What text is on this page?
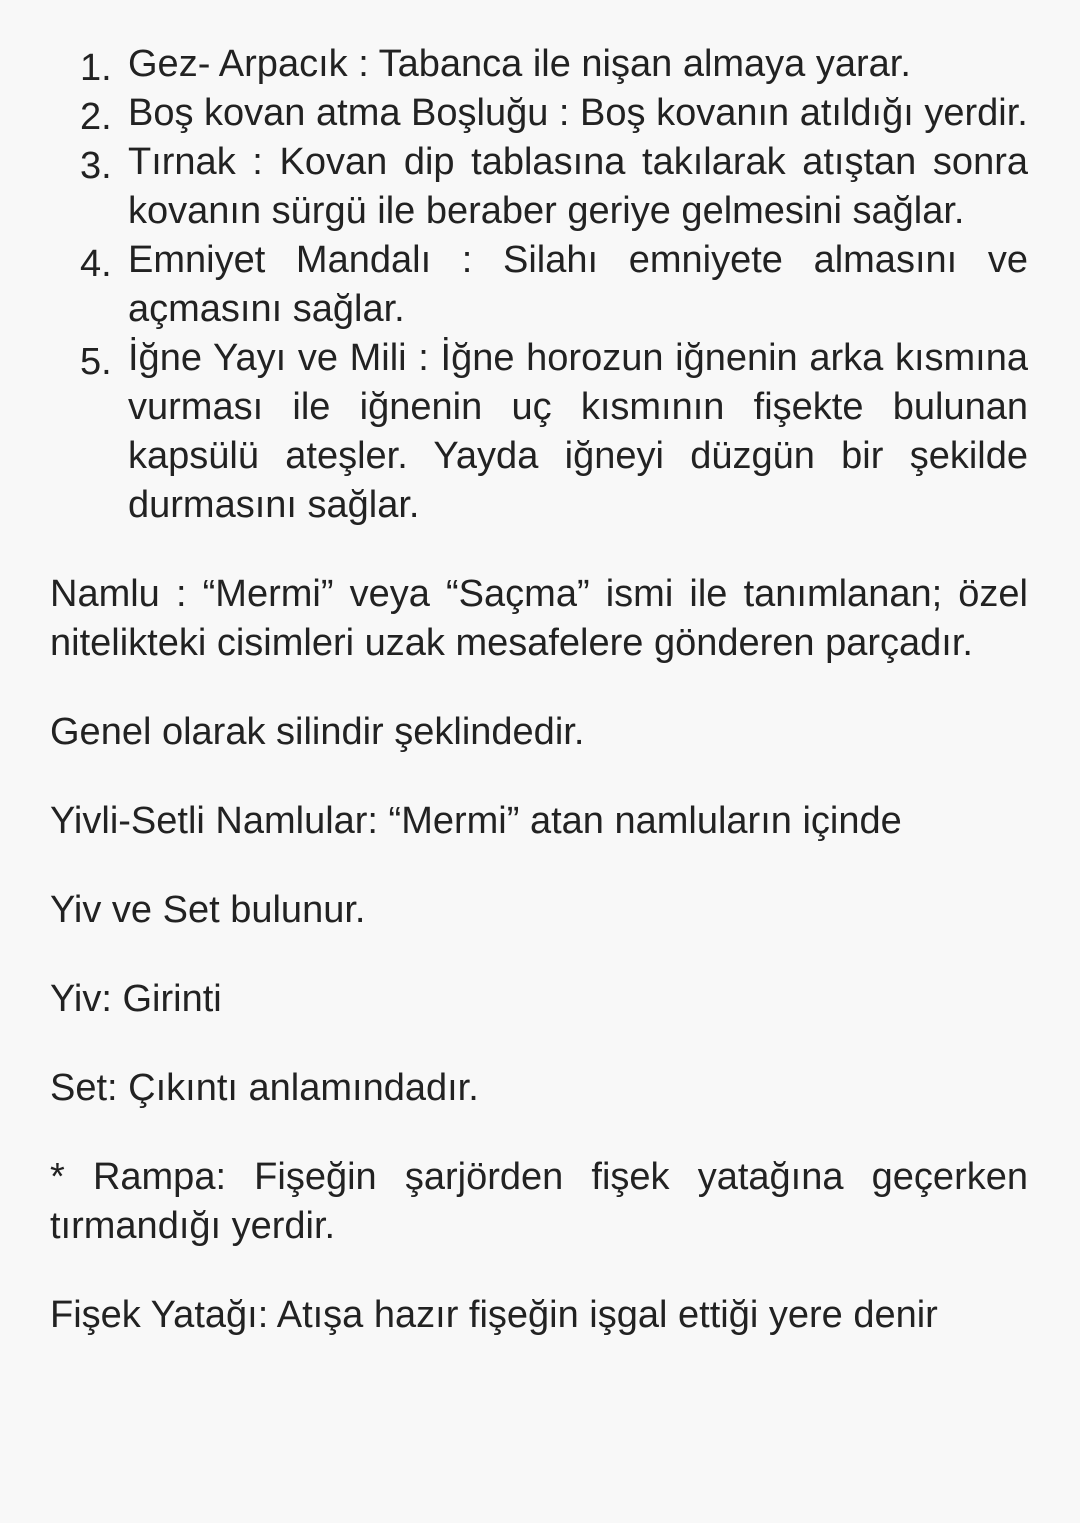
1. Gez- Arpacık : Tabanca ile nişan almaya yarar.
2. Boş kovan atma Boşluğu : Boş kovanın atıldığı yerdir.
3. Tırnak : Kovan dip tablasına takılarak atıştan sonra kovanın sürgü ile beraber geriye gelmesini sağlar.
4. Emniyet Mandalı : Silahı emniyete almasını ve açmasını sağlar.
5. İğne Yayı ve Mili : İğne horozun iğnenin arka kısmına vurması ile iğnenin uç kısmının fişekte bulunan kapsülü ateşler. Yayda iğneyi düzgün bir şekilde durmasını sağlar.

Namlu : “Mermi” veya “Saçma” ismi ile tanımlanan; özel nitelikteki cisimleri uzak mesafelere gönderen parçadır.

Genel olarak silindir şeklindedir.

Yivli-Setli Namlular: “Mermi” atan namluların içinde

Yiv ve Set bulunur.

Yiv: Girinti

Set: Çıkıntı anlamındadır.

* Rampa: Fişeğin şarjörden fişek yatağına geçerken tırmandığı yerdir.

Fişek Yatağı: Atışa hazır fişeğin işgal ettiği yere denir
